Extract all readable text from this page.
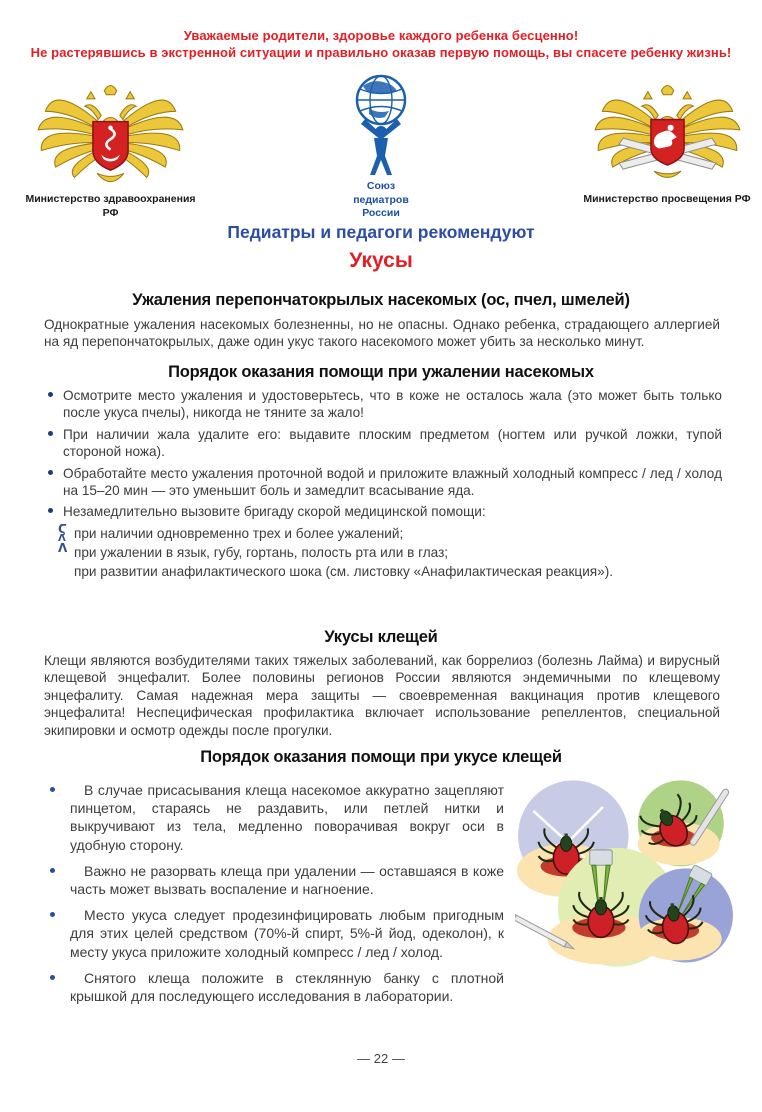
Уважаемые родители, здоровье каждого ребенка бесценно!
Не растерявшись в экстренной ситуации и правильно оказав первую помощь, вы спасете ребенку жизнь!
Министерство здравоохранения РФ
Союз педиатров России
Министерство просвещения РФ
Педиатры и педагоги рекомендуют
Укусы
Ужаления перепончатокрылых насекомых (ос, пчел, шмелей)
Однократные ужаления насекомых болезненны, но не опасны. Однако ребенка, страдающего аллергией на яд перепончатокрылых, даже один укус такого насекомого может убить за несколько минут.
Порядок оказания помощи при ужалении насекомых
Осмотрите место ужаления и удостоверьтесь, что в коже не осталось жала (это может быть только после укуса пчелы), никогда не тяните за жало!
При наличии жала удалите его: выдавите плоским предметом (ногтем или ручкой ложки, тупой стороной ножа).
Обработайте место ужаления проточной водой и приложите влажный холодный компресс / лед / холод на 15–20 мин — это уменьшит боль и замедлит всасывание яда.
Незамедлительно вызовите бригаду скорой медицинской помощи:
Ϛ
Λ при наличии одновременно трех и более ужалений;
Λ при ужалении в язык, губу, гортань, полость рта или в глаз;
при развитии анафилактического шока (см. листовку «Анафилактическая реакция»).
Укусы клещей
Клещи являются возбудителями таких тяжелых заболеваний, как боррелиоз (болезнь Лайма) и вирусный клещевой энцефалит. Более половины регионов России являются эндемичными по клещевому энцефалиту. Самая надежная мера защиты — своевременная вакцинация против клещевого энцефалита! Неспецифическая профилактика включает использование репеллентов, специальной экипировки и осмотр одежды после прогулки.
Порядок оказания помощи при укусе клещей
В случае присасывания клеща насекомое аккуратно зацепляют пинцетом, стараясь не раздавить, или петлей нитки и выкручивают из тела, медленно поворачивая вокруг оси в удобную сторону.
Важно не разорвать клеща при удалении — оставшаяся в коже часть может вызвать воспаление и нагноение.
Место укуса следует продезинфицировать любым пригодным для этих целей средством (70%-й спирт, 5%-й йод, одеколон), к месту укуса приложите холодный компресс / лед / холод.
Снятого клеща положите в стеклянную банку с плотной крышкой для последующего исследования в лаборатории.
— 22 —
